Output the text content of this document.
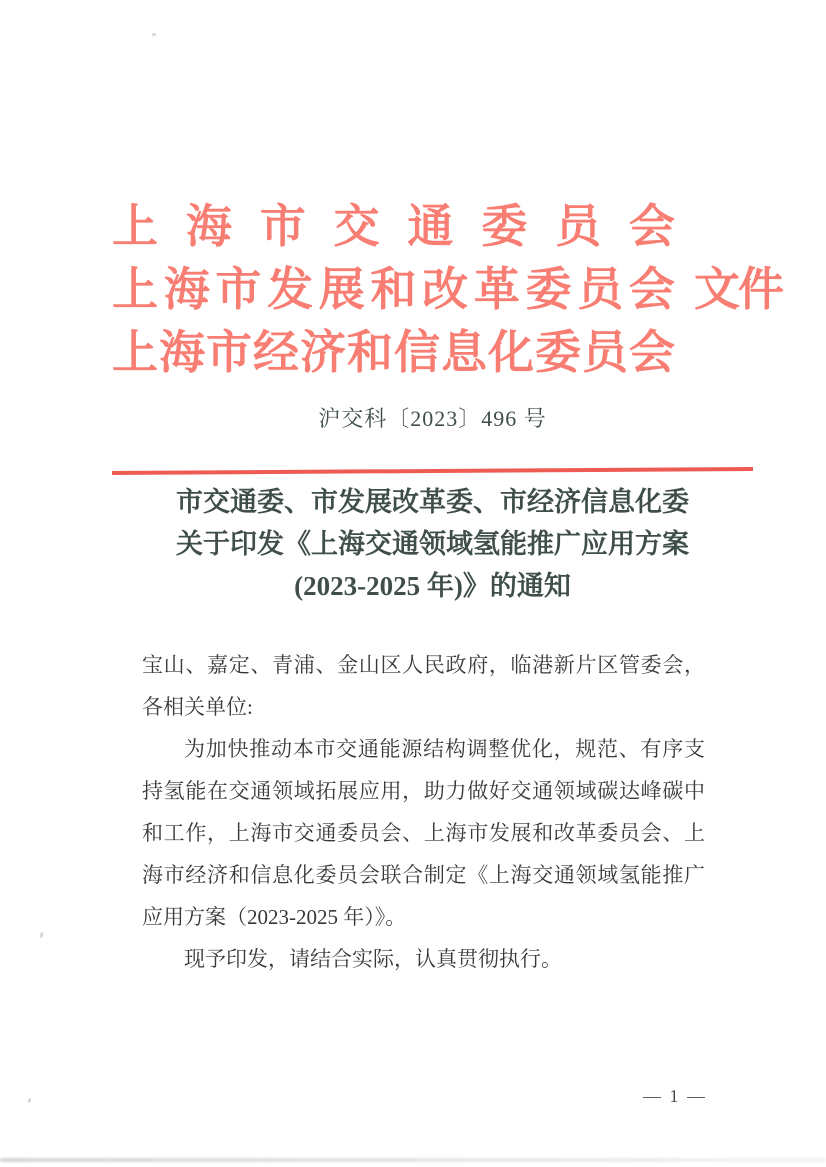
上 海 市 交 通 委 员 会
上 海 市 发 展 和 改 革 委 员 会
上 海 市 经 济 和 信 息 化 委 员 会
文件
沪交科〔2023〕496 号
市交通委、市发展改革委、市经济信息化委
关于印发《上海交通领域氢能推广应用方案
(2023-2025 年)》的通知

宝山、嘉定、青浦、金山区人民政府，临港新片区管委会，各相关单位:

为加快推动本市交通能源结构调整优化，规范、有序支持氢能在交通领域拓展应用，助力做好交通领域碳达峰碳中和工作，上海市交通委员会、上海市发展和改革委员会、上海市经济和信息化委员会联合制定《上海交通领域氢能推广应用方案（2023-2025 年）》。

现予印发，请结合实际，认真贯彻执行。

— 1 —
